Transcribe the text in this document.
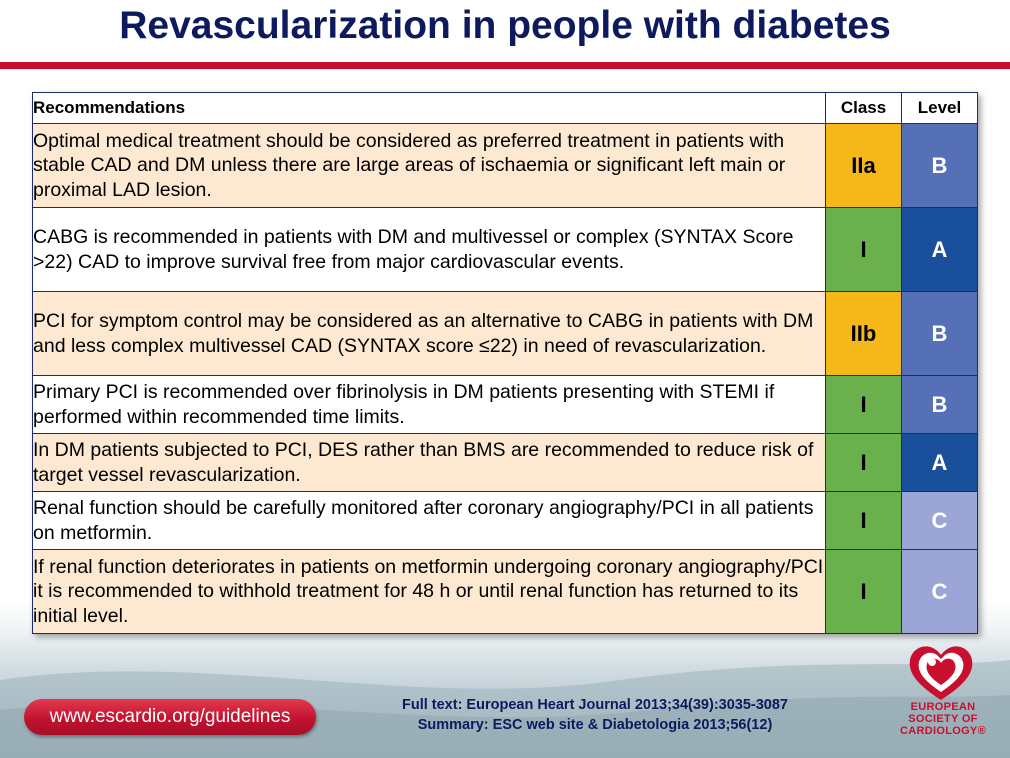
Revascularization in people with diabetes
Recommendations	Class	Level
Optimal medical treatment should be considered as preferred treatment in patients with stable CAD and DM unless there are large areas of ischaemia or significant left main or proximal LAD lesion.	IIa	B
CABG is recommended in patients with DM and multivessel or complex (SYNTAX Score >22) CAD to improve survival free from major cardiovascular events.	I	A
PCI for symptom control may be considered as an alternative to CABG in patients with DM and less complex multivessel CAD (SYNTAX score ≤22) in need of revascularization.	IIb	B
Primary PCI is recommended over fibrinolysis in DM patients presenting with STEMI if performed within recommended time limits.	I	B
In DM patients subjected to PCI, DES rather than BMS are recommended to reduce risk of target vessel revascularization.	I	A
Renal function should be carefully monitored after coronary angiography/PCI in all patients on metformin.	I	C
If renal function deteriorates in patients on metformin undergoing coronary angiography/PCI it is recommended to withhold treatment for 48 h or until renal function has returned to its initial level.	I	C
www.escardio.org/guidelines
Full text: European Heart Journal 2013;34(39):3035-3087
Summary: ESC web site & Diabetologia 2013;56(12)
EUROPEAN
SOCIETY OF
CARDIOLOGY®
